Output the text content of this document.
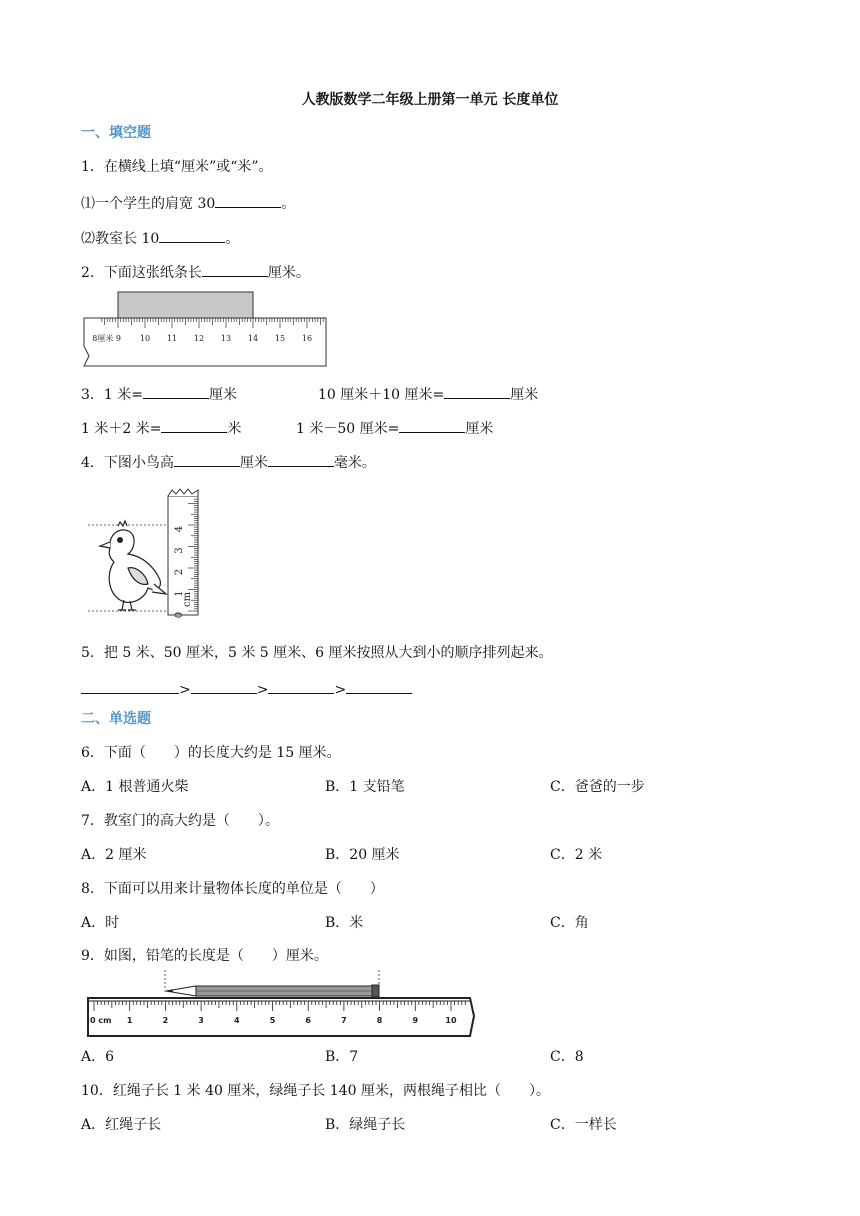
人教版数学二年级上册第一单元 长度单位
一、填空题
1．在横线上填“厘米”或“米”。
⑴一个学生的肩宽 30	。
⑵教室长 10	。
2．下面这张纸条长	厘米。
8厘米 9 10 11 12 13 14 15 16
3．1 米=	厘米	10 厘米＋10 厘米=	厘米
1 米＋2 米=	米	1 米－50 厘米=	厘米
4．下图小鸟高	厘米	毫米。
0
1
2
3
4
cm
5．把 5 米、50 厘米，5 米 5 厘米、6 厘米按照从大到小的顺序排列起来。
>	>	>
二、单选题
6．下面（　　）的长度大约是 15 厘米。
A．1 根普通火柴	B．1 支铅笔	C．爸爸的一步
7．教室门的高大约是（　　）。
A．2 厘米	B．20 厘米	C．2 米
8．下面可以用来计量物体长度的单位是（　　）
A．时	B．米	C．角
9．如图，铅笔的长度是（　　）厘米。
0 cm 1	2	3	4	5	6	7	8	9	10
A．6	B．7	C．8
10．红绳子长 1 米 40 厘米，绿绳子长 140 厘米，两根绳子相比（　　）。
A．红绳子长	B．绿绳子长	C．一样长
